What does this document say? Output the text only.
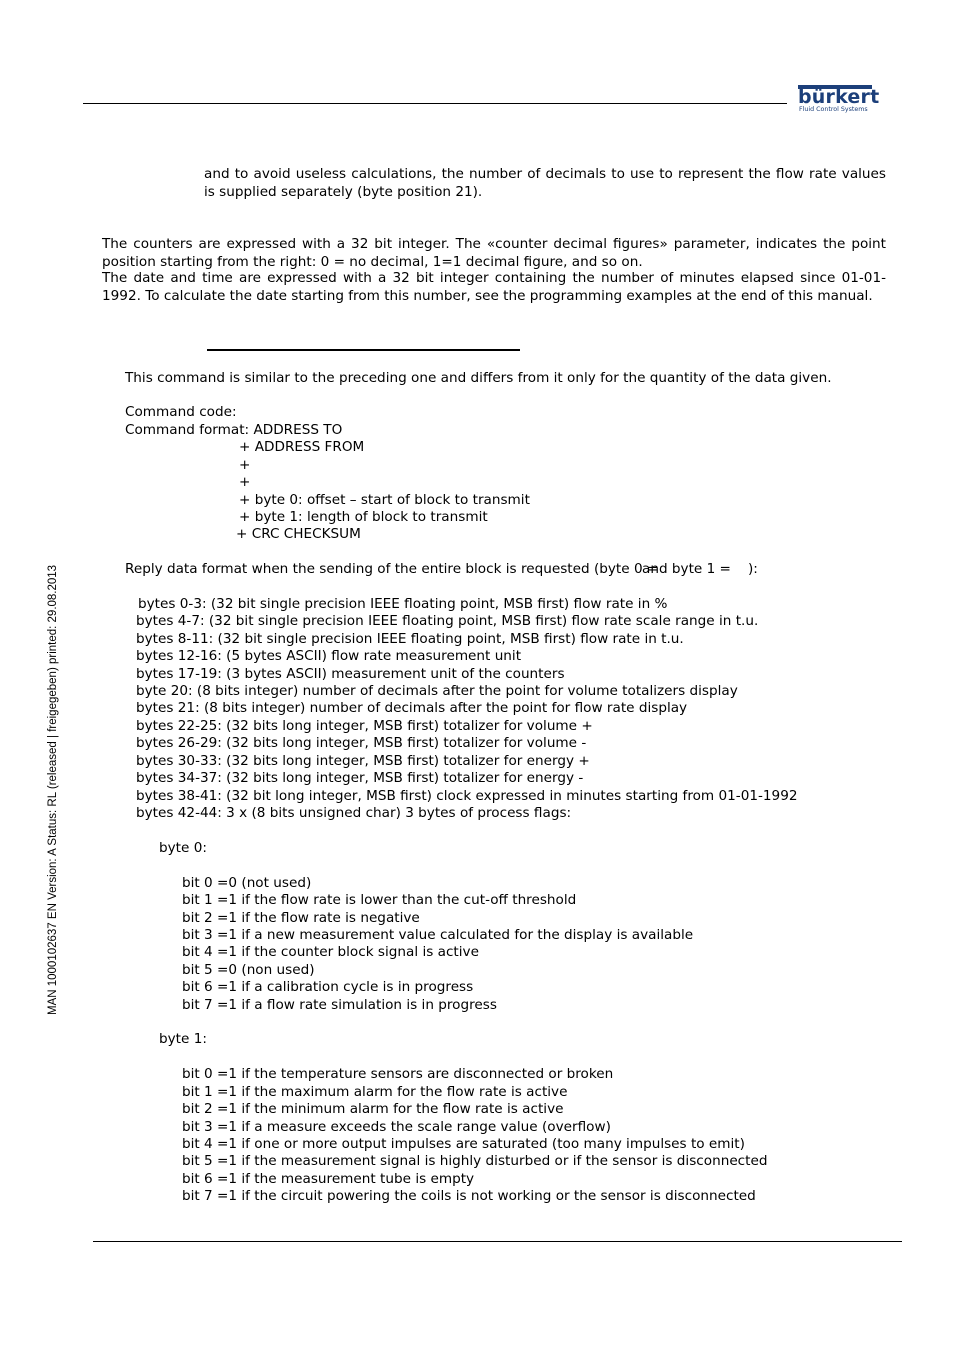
bürkert
Fluid Control Systems
and to avoid useless calculations, the number of decimals to use to represent the flow rate values is supplied separately (byte position 21).
The counters are expressed with a 32 bit integer. The «counter decimal figures» parameter, indicates the point position starting from the right: 0 = no decimal, 1=1 decimal figure, and so on.
The date and time are expressed with a 32 bit integer containing the number of minutes elapsed since 01-01-1992. To calculate the date starting from this number, see the programming examples at the end of this manual.
This command is similar to the preceding one and differs from it only for the quantity of the data given.
Command code:
Command format: ADDRESS TO
+ ADDRESS FROM
+
+
+ byte 0: offset – start of block to transmit
+ byte 1: length of block to transmit
+ CRC CHECKSUM
Reply data format when the sending of the entire block is requested (byte 0 =
and byte 1 = ):
bytes 0-3: (32 bit single precision IEEE floating point, MSB first) flow rate in %
bytes 4-7: (32 bit single precision IEEE floating point, MSB first) flow rate scale range in t.u.
bytes 8-11: (32 bit single precision IEEE floating point, MSB first) flow rate in t.u.
bytes 12-16: (5 bytes ASCII) flow rate measurement unit
bytes 17-19: (3 bytes ASCII) measurement unit of the counters
byte 20: (8 bits integer) number of decimals after the point for volume totalizers display
bytes 21: (8 bits integer) number of decimals after the point for flow rate display
bytes 22-25: (32 bits long integer, MSB first) totalizer for volume +
bytes 26-29: (32 bits long integer, MSB first) totalizer for volume -
bytes 30-33: (32 bits long integer, MSB first) totalizer for energy +
bytes 34-37: (32 bits long integer, MSB first) totalizer for energy -
bytes 38-41: (32 bit long integer, MSB first) clock expressed in minutes starting from 01-01-1992
bytes 42-44: 3 x (8 bits unsigned char) 3 bytes of process flags:
byte 0:
bit 0 =0 (not used)
bit 1 =1 if the flow rate is lower than the cut-off threshold
bit 2 =1 if the flow rate is negative
bit 3 =1 if a new measurement value calculated for the display is available
bit 4 =1 if the counter block signal is active
bit 5 =0 (non used)
bit 6 =1 if a calibration cycle is in progress
bit 7 =1 if a flow rate simulation is in progress
byte 1:
bit 0 =1 if the temperature sensors are disconnected or broken
bit 1 =1 if the maximum alarm for the flow rate is active
bit 2 =1 if the minimum alarm for the flow rate is active
bit 3 =1 if a measure exceeds the scale range value (overflow)
bit 4 =1 if one or more output impulses are saturated (too many impulses to emit)
bit 5 =1 if the measurement signal is highly disturbed or if the sensor is disconnected
bit 6 =1 if the measurement tube is empty
bit 7 =1 if the circuit powering the coils is not working or the sensor is disconnected
MAN 1000102637 EN Version: A Status: RL (released | freigegeben) printed: 29.08.2013
